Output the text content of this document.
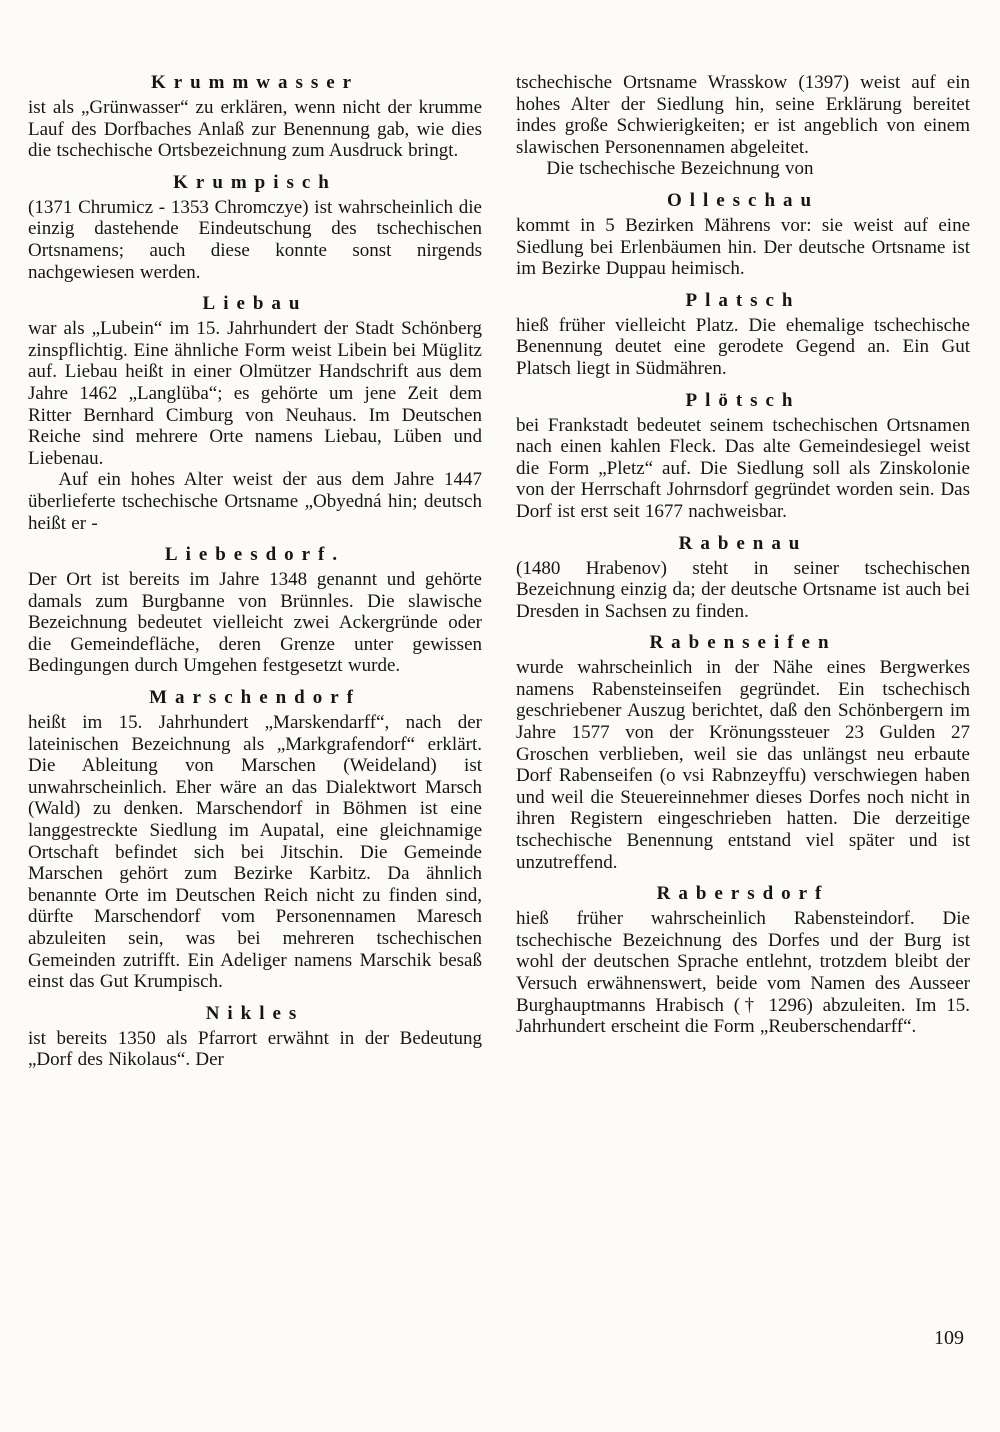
Krummwasser

ist als „Grünwasser“ zu erklären, wenn nicht der krumme Lauf des Dorfbaches Anlaß zur Benennung gab, wie dies die tschechische Ortsbezeichnung zum Ausdruck bringt.

Krumpisch

(1371 Chrumicz - 1353 Chromczye) ist wahrscheinlich die einzig dastehende Eindeutschung des tschechischen Ortsnamens; auch diese konnte sonst nirgends nachgewiesen werden.

Liebau

war als „Lubein“ im 15. Jahrhundert der Stadt Schönberg zinspflichtig. Eine ähnliche Form weist Libein bei Müglitz auf. Liebau heißt in einer Olmützer Handschrift aus dem Jahre 1462 „Langlüba“; es gehörte um jene Zeit dem Ritter Bernhard Cimburg von Neuhaus. Im Deutschen Reiche sind mehrere Orte namens Liebau, Lüben und Liebenau.

Auf ein hohes Alter weist der aus dem Jahre 1447 überlieferte tschechische Ortsname „Obyedná hin; deutsch heißt er -

Liebesdorf.

Der Ort ist bereits im Jahre 1348 genannt und gehörte damals zum Burgbanne von Brünnles. Die slawische Bezeichnung bedeutet vielleicht zwei Ackergründe oder die Gemeindefläche, deren Grenze unter gewissen Bedingungen durch Umgehen festgesetzt wurde.

Marschendorf

heißt im 15. Jahrhundert „Marskendarff“, nach der lateinischen Bezeichnung als „Markgrafendorf“ erklärt. Die Ableitung von Marschen (Weideland) ist unwahrscheinlich. Eher wäre an das Dialektwort Marsch (Wald) zu denken. Marschendorf in Böhmen ist eine langgestreckte Siedlung im Aupatal, eine gleichnamige Ortschaft befindet sich bei Jitschin. Die Gemeinde Marschen gehört zum Bezirke Karbitz. Da ähnlich benannte Orte im Deutschen Reich nicht zu finden sind, dürfte Marschendorf vom Personennamen Maresch abzuleiten sein, was bei mehreren tschechischen Gemeinden zutrifft. Ein Adeliger namens Marschik besaß einst das Gut Krumpisch.

Nikles

ist bereits 1350 als Pfarrort erwähnt in der Bedeutung „Dorf des Nikolaus“. Der

tschechische Ortsname Wrasskow (1397) weist auf ein hohes Alter der Siedlung hin, seine Erklärung bereitet indes große Schwierigkeiten; er ist angeblich von einem slawischen Personennamen abgeleitet.

Die tschechische Bezeichnung von

Olleschau

kommt in 5 Bezirken Mährens vor: sie weist auf eine Siedlung bei Erlenbäumen hin. Der deutsche Ortsname ist im Bezirke Duppau heimisch.

Platsch

hieß früher vielleicht Platz. Die ehemalige tschechische Benennung deutet eine gerodete Gegend an. Ein Gut Platsch liegt in Südmähren.

Plötsch

bei Frankstadt bedeutet seinem tschechischen Ortsnamen nach einen kahlen Fleck. Das alte Gemeindesiegel weist die Form „Pletz“ auf. Die Siedlung soll als Zinskolonie von der Herrschaft Johrnsdorf gegründet worden sein. Das Dorf ist erst seit 1677 nachweisbar.

Rabenau

(1480 Hrabenov) steht in seiner tschechischen Bezeichnung einzig da; der deutsche Ortsname ist auch bei Dresden in Sachsen zu finden.

Rabenseifen

wurde wahrscheinlich in der Nähe eines Bergwerkes namens Rabensteinseifen gegründet. Ein tschechisch geschriebener Auszug berichtet, daß den Schönbergern im Jahre 1577 von der Krönungssteuer 23 Gulden 27 Groschen verblieben, weil sie das unlängst neu erbaute Dorf Rabenseifen (o vsi Rabnzeyffu) verschwiegen haben und weil die Steuereinnehmer dieses Dorfes noch nicht in ihren Registern eingeschrieben hatten. Die derzeitige tschechische Benennung entstand viel später und ist unzutreffend.

Rabersdorf

hieß früher wahrscheinlich Rabensteindorf. Die tschechische Bezeichnung des Dorfes und der Burg ist wohl der deutschen Sprache entlehnt, trotzdem bleibt der Versuch erwähnenswert, beide vom Namen des Ausseer Burghauptmanns Hrabisch († 1296) abzuleiten. Im 15. Jahrhundert erscheint die Form „Reuberschendarff“.

109
